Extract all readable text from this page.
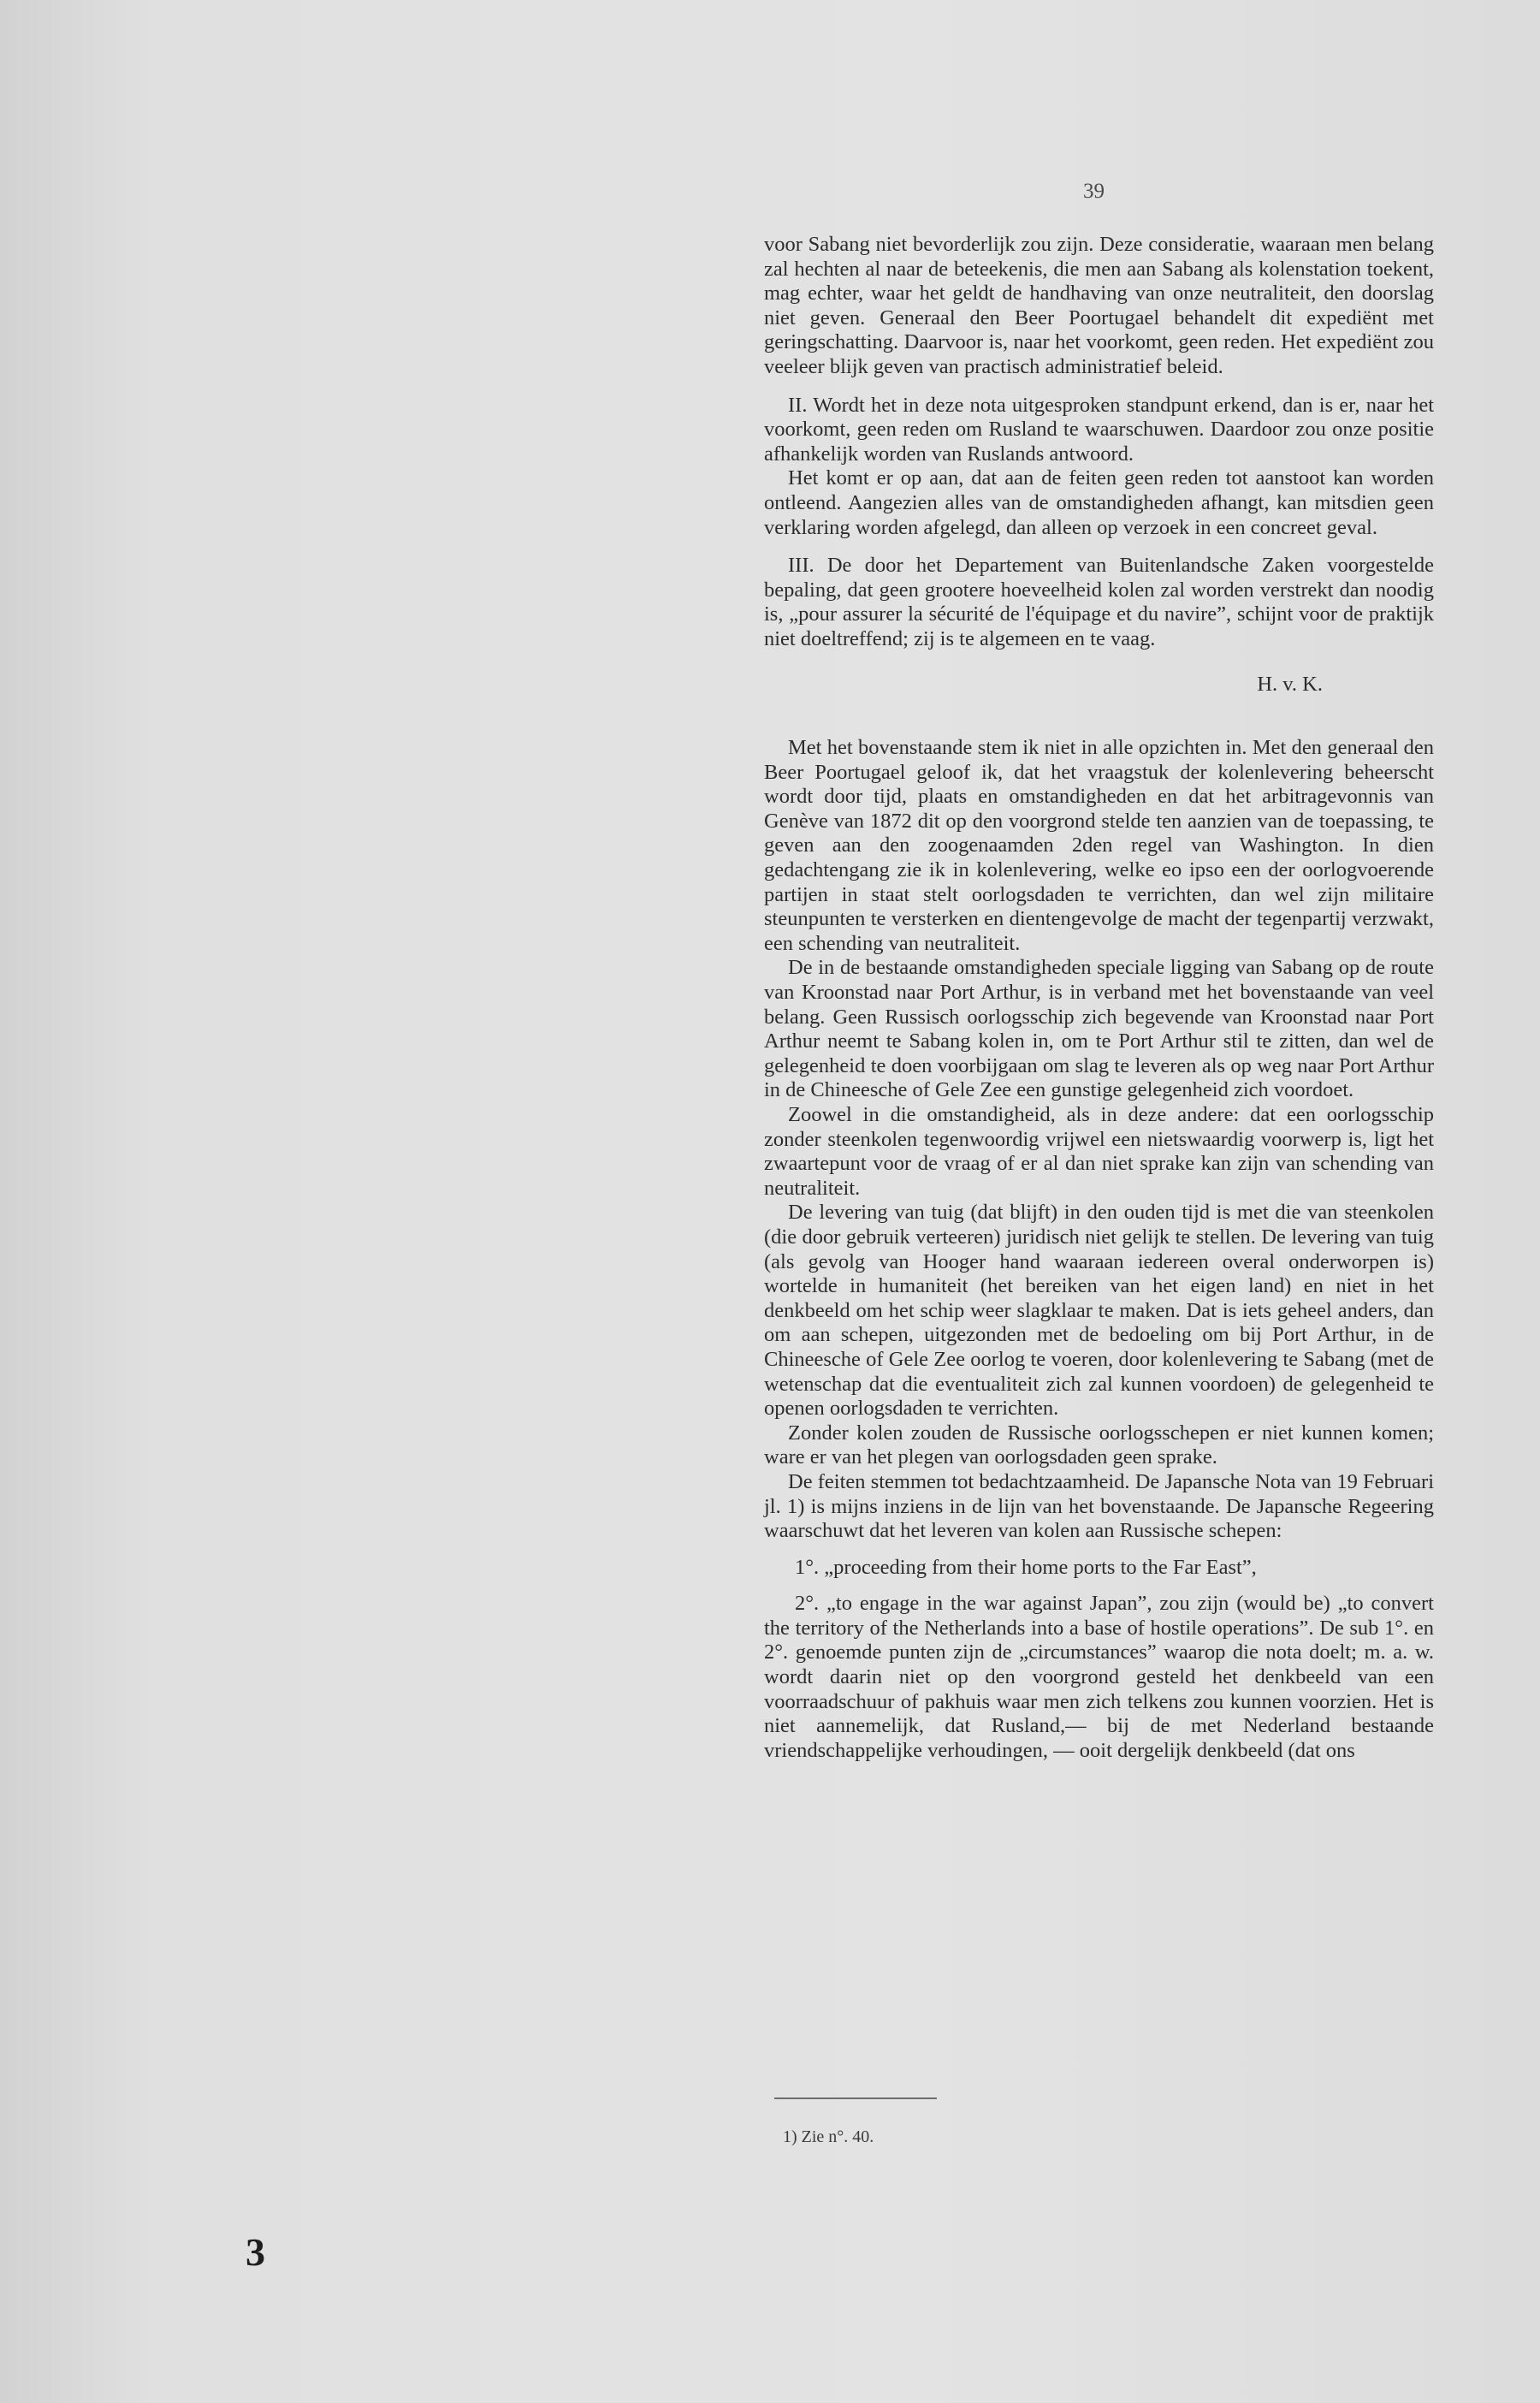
39

voor Sabang niet bevorderlijk zou zijn. Deze consideratie, waaraan men belang zal hechten al naar de beteekenis, die men aan Sabang als kolenstation toekent, mag echter, waar het geldt de handhaving van onze neutraliteit, den doorslag niet geven. Generaal den Beer Poortugael behandelt dit expediënt met geringschatting. Daarvoor is, naar het voorkomt, geen reden. Het expediënt zou veeleer blijk geven van practisch administratief beleid.

II. Wordt het in deze nota uitgesproken standpunt erkend, dan is er, naar het voorkomt, geen reden om Rusland te waarschuwen. Daardoor zou onze positie afhankelijk worden van Ruslands antwoord.

Het komt er op aan, dat aan de feiten geen reden tot aanstoot kan worden ontleend. Aangezien alles van de omstandigheden afhangt, kan mitsdien geen verklaring worden afgelegd, dan alleen op verzoek in een concreet geval.

III. De door het Departement van Buitenlandsche Zaken voorgestelde bepaling, dat geen grootere hoeveelheid kolen zal worden verstrekt dan noodig is, „pour assurer la sécurité de l'équipage et du navire”, schijnt voor de praktijk niet doeltreffend; zij is te algemeen en te vaag.

H. v. K.

Met het bovenstaande stem ik niet in alle opzichten in. Met den generaal den Beer Poortugael geloof ik, dat het vraagstuk der kolenlevering beheerscht wordt door tijd, plaats en omstandigheden en dat het arbitragevonnis van Genève van 1872 dit op den voorgrond stelde ten aanzien van de toepassing, te geven aan den zoogenaamden 2den regel van Washington. In dien gedachtengang zie ik in kolenlevering, welke eo ipso een der oorlogvoerende partijen in staat stelt oorlogsdaden te verrichten, dan wel zijn militaire steunpunten te versterken en dientengevolge de macht der tegenpartij verzwakt, een schending van neutraliteit.

De in de bestaande omstandigheden speciale ligging van Sabang op de route van Kroonstad naar Port Arthur, is in verband met het bovenstaande van veel belang. Geen Russisch oorlogsschip zich begevende van Kroonstad naar Port Arthur neemt te Sabang kolen in, om te Port Arthur stil te zitten, dan wel de gelegenheid te doen voorbijgaan om slag te leveren als op weg naar Port Arthur in de Chineesche of Gele Zee een gunstige gelegenheid zich voordoet.

Zoowel in die omstandigheid, als in deze andere: dat een oorlogsschip zonder steenkolen tegenwoordig vrijwel een nietswaardig voorwerp is, ligt het zwaartepunt voor de vraag of er al dan niet sprake kan zijn van schending van neutraliteit.

De levering van tuig (dat blijft) in den ouden tijd is met die van steenkolen (die door gebruik verteeren) juridisch niet gelijk te stellen. De levering van tuig (als gevolg van Hooger hand waaraan iedereen overal onderworpen is) wortelde in humaniteit (het bereiken van het eigen land) en niet in het denkbeeld om het schip weer slagklaar te maken. Dat is iets geheel anders, dan om aan schepen, uitgezonden met de bedoeling om bij Port Arthur, in de Chineesche of Gele Zee oorlog te voeren, door kolenlevering te Sabang (met de wetenschap dat die eventualiteit zich zal kunnen voordoen) de gelegenheid te openen oorlogsdaden te verrichten.

Zonder kolen zouden de Russische oorlogsschepen er niet kunnen komen; ware er van het plegen van oorlogsdaden geen sprake.

De feiten stemmen tot bedachtzaamheid. De Japansche Nota van 19 Februari jl. 1) is mijns inziens in de lijn van het bovenstaande. De Japansche Regeering waarschuwt dat het leveren van kolen aan Russische schepen:

1°. „proceeding from their home ports to the Far East”,

2°. „to engage in the war against Japan”, zou zijn (would be) „to convert the territory of the Netherlands into a base of hostile operations”. De sub 1°. en 2°. genoemde punten zijn de „circumstances” waarop die nota doelt; m. a. w. wordt daarin niet op den voorgrond gesteld het denkbeeld van een voorraadschuur of pakhuis waar men zich telkens zou kunnen voorzien. Het is niet aannemelijk, dat Rusland,— bij de met Nederland bestaande vriendschappelijke verhoudingen, — ooit dergelijk denkbeeld (dat ons

1) Zie n°. 40.
3
